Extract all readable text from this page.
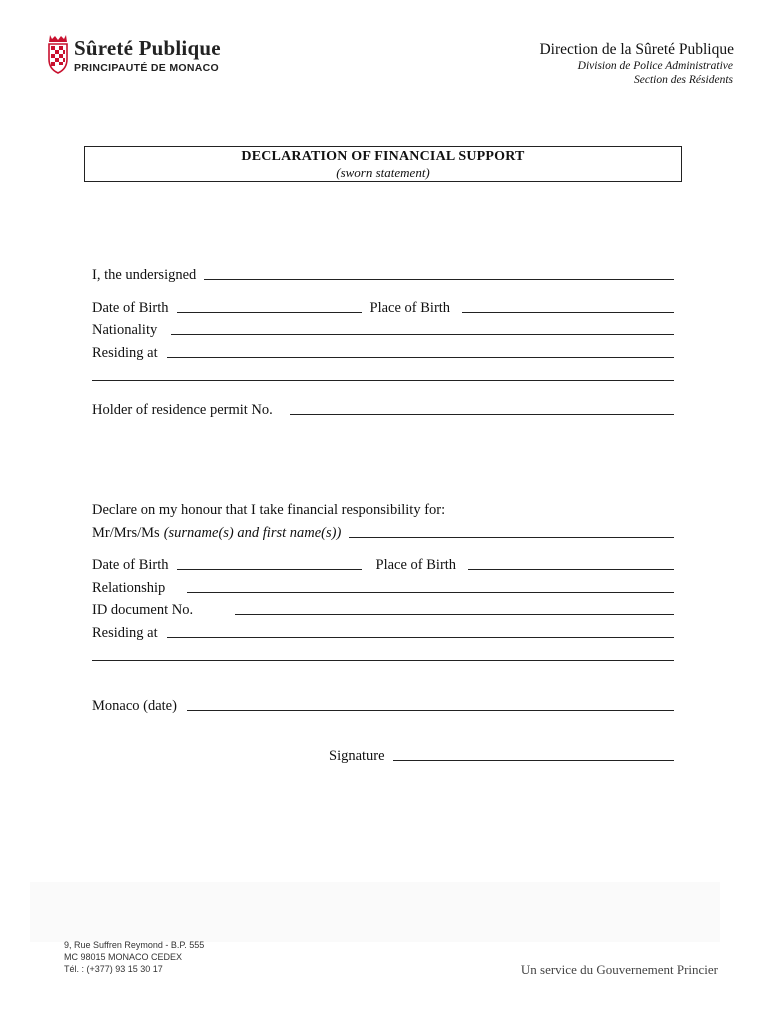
Sûreté Publique
PRINCIPAUTÉ DE MONACO
Direction de la Sûreté Publique
Division de Police Administrative
Section des Résidents
DECLARATION OF FINANCIAL SUPPORT
(sworn statement)
I, the undersigned
Date of Birth	Place of Birth
Nationality
Residing at
Holder of residence permit No.
Declare on my honour that I take financial responsibility for:
Mr/Mrs/Ms (surname(s) and first name(s))
Date of Birth	Place of Birth
Relationship
ID document No.
Residing at
Monaco (date)
Signature
9, Rue Suffren Reymond - B.P. 555
MC 98015 MONACO CEDEX
Tél. : (+377) 93 15 30 17	Un service du Gouvernement Princier
